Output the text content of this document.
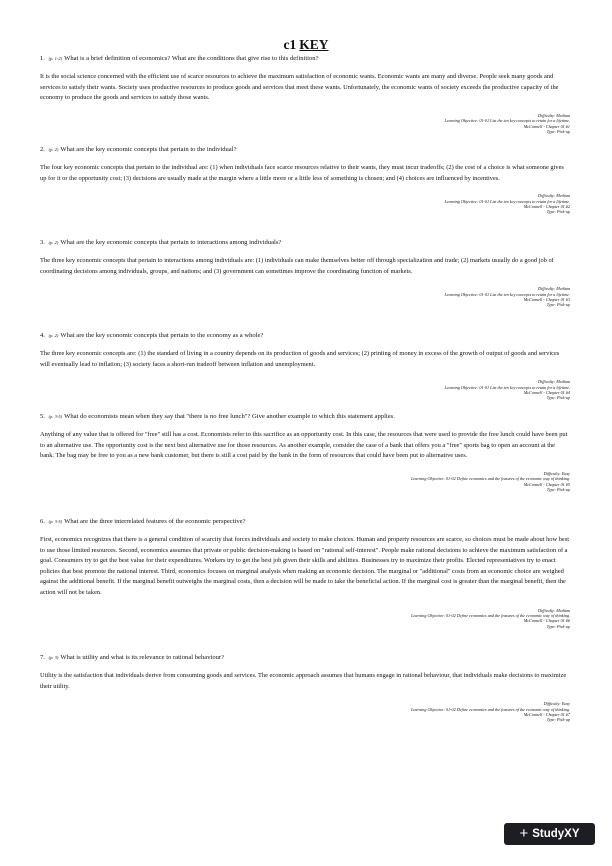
c1 KEY
1. (p. 1-2) What is a brief definition of economics? What are the conditions that give rise to this definition?
It is the social science concerned with the efficient use of scarce resources to achieve the maximum satisfaction of economic wants. Economic wants are many and diverse. People seek many goods and services to satisfy their wants. Society uses productive resources to produce goods and services that meet these wants. Unfortunately, the economic wants of society exceeds the productive capacity of the economy to produce the goods and services to satisfy those wants.
Difficulty: Medium
Learning Objective: 01-01 List the ten key concepts to retain for a lifetime.
McConnell - Chapter 01 #1
Type: Pick-up
2. (p. 2) What are the key economic concepts that pertain to the individual?
The four key economic concepts that pertain to the individual are: (1) when individuals face scarce resources relative to their wants, they must incur tradeoffs; (2) the cost of a choice is what someone gives up for it or the opportunity cost; (3) decisions are usually made at the margin where a little more or a little less of something is chosen; and (4) choices are influenced by incentives.
Difficulty: Medium
Learning Objective: 01-01 List the ten key concepts to retain for a lifetime.
McConnell - Chapter 01 #2
Type: Pick-up
3. (p. 2) What are the key economic concepts that pertain to interactions among individuals?
The three key economic concepts that pertain to interactions among individuals are: (1) individuals can make themselves better off through specialization and trade; (2) markets usually do a good job of coordinating decisions among individuals, groups, and nations; and (3) government can sometimes improve the coordinating function of markets.
Difficulty: Medium
Learning Objective: 01-01 List the ten key concepts to retain for a lifetime.
McConnell - Chapter 01 #3
Type: Pick-up
4. (p. 2) What are the key economic concepts that pertain to the economy as a whole?
The three key economic concepts are: (1) the standard of living in a country depends on its production of goods and services; (2) printing of money in excess of the growth of output of goods and services will eventually lead to inflation; (3) society faces a short-run tradeoff between inflation and unemployment.
Difficulty: Medium
Learning Objective: 01-01 List the ten key concepts to retain for a lifetime.
McConnell - Chapter 01 #4
Type: Pick-up
5. (p. 3-5) What do economists mean when they say that "there is no free lunch"? Give another example to which this statement applies.
Anything of any value that is offered for "free" still has a cost. Economists refer to this sacrifice as an opportunity cost. In this case, the resources that were used to provide the free lunch could have been put to an alternative use. The opportunity cost is the next best alternative use for those resources. As another example, consider the case of a bank that offers you a "free" sports bag to open an account at the bank. The bag may be free to you as a new bank customer, but there is still a cost paid by the bank in the form of resources that could have been put to alternative uses.
Difficulty: Easy
Learning Objective: 01-02 Define economics and the features of the economic way of thinking.
McConnell - Chapter 01 #5
Type: Pick-up
6. (p. 3-5) What are the three interrelated features of the economic perspective?
First, economics recognizes that there is a general condition of scarcity that forces individuals and society to make choices. Human and property resources are scarce, so choices must be made about how best to use those limited resources. Second, economics assumes that private or public decision-making is based on "rational self-interest". People make rational decisions to achieve the maximum satisfaction of a goal. Consumers try to get the best value for their expenditures. Workers try to get the best job given their skills and abilities. Businesses try to maximize their profits. Elected representatives try to enact policies that best promote the national interest. Third, economics focuses on marginal analysis when making an economic decision. The marginal or "additional" costs from an economic choice are weighed against the additional benefit. If the marginal benefit outweighs the marginal costs, then a decision will be made to take the beneficial action. If the marginal cost is greater than the marginal benefit, then the action will not be taken.
Difficulty: Medium
Learning Objective: 01-02 Define economics and the features of the economic way of thinking.
McConnell - Chapter 01 #6
Type: Pick-up
7. (p. 3) What is utility and what is its relevance to rational behaviour?
Utility is the satisfaction that individuals derive from consuming goods and services. The economic approach assumes that humans engage in rational behaviour, that individuals make decisions to maximize their utility.
Difficulty: Easy
Learning Objective: 01-02 Define economics and the features of the economic way of thinking.
McConnell - Chapter 01 #7
Type: Pick-up
+ StudyXY
